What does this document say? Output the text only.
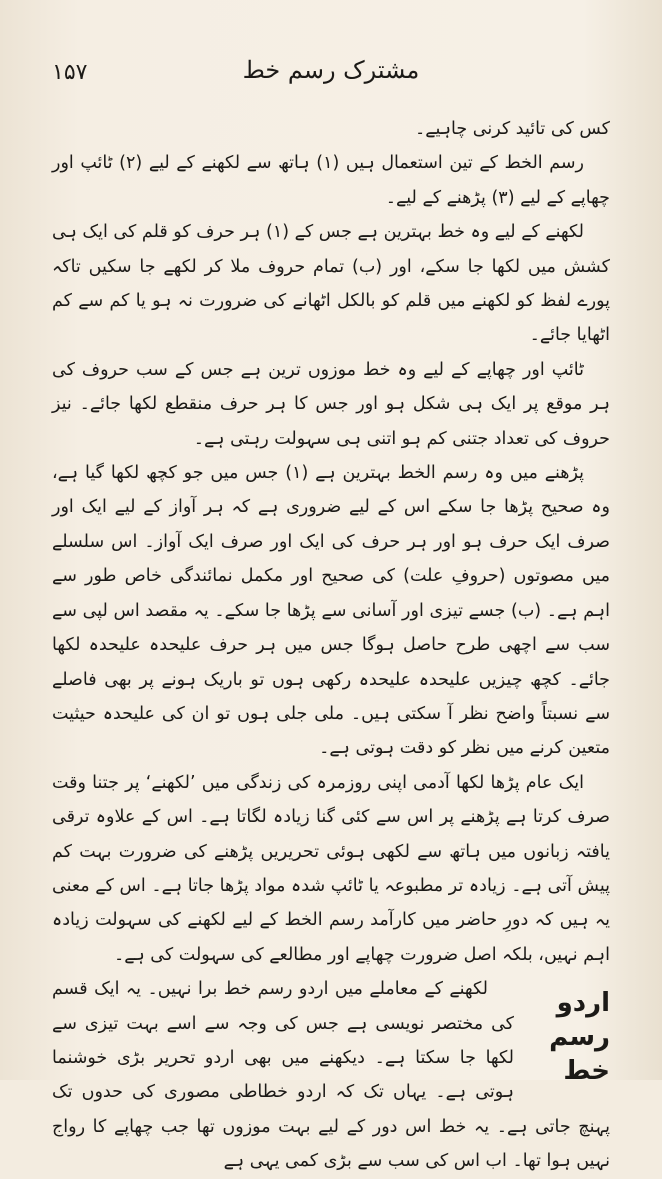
۱۵۷	مشترک رسم خط

کس کی تائید کرنی چاہیے۔

رسم الخط کے تین استعمال ہیں (۱) ہاتھ سے لکھنے کے لیے (۲) ٹائپ اور چھاپے کے لیے (۳) پڑھنے کے لیے۔

لکھنے کے لیے وہ خط بہترین ہے جس کے (۱) ہر حرف کو قلم کی ایک ہی کشش میں لکھا جا سکے، اور (ب) تمام حروف ملا کر لکھے جا سکیں تاکہ پورے لفظ کو لکھنے میں قلم کو بالکل اٹھانے کی ضرورت نہ ہو یا کم سے کم اٹھایا جائے۔

ٹائپ اور چھاپے کے لیے وہ خط موزوں ترین ہے جس کے سب حروف کی ہر موقع پر ایک ہی شکل ہو اور جس کا ہر حرف منقطع لکھا جائے۔ نیز حروف کی تعداد جتنی کم ہو اتنی ہی سہولت رہتی ہے۔

پڑھنے میں وہ رسم الخط بہترین ہے (۱) جس میں جو کچھ لکھا گیا ہے، وہ صحیح پڑھا جا سکے اس کے لیے ضروری ہے کہ ہر آواز کے لیے ایک اور صرف ایک حرف ہو اور ہر حرف کی ایک اور صرف ایک آواز۔ اس سلسلے میں مصوتوں (حروفِ علت) کی صحیح اور مکمل نمائندگی خاص طور سے اہم ہے۔ (ب) جسے تیزی اور آسانی سے پڑھا جا سکے۔ یہ مقصد اس لپی سے سب سے اچھی طرح حاصل ہوگا جس میں ہر حرف علیحدہ علیحدہ لکھا جائے۔ کچھ چیزیں علیحدہ علیحدہ رکھی ہوں تو باریک ہونے پر بھی فاصلے سے نسبتاً واضح نظر آ سکتی ہیں۔ ملی جلی ہوں تو ان کی علیحدہ حیثیت متعین کرنے میں نظر کو دقت ہوتی ہے۔

ایک عام پڑھا لکھا آدمی اپنی روزمرہ کی زندگی میں ’لکھنے‘ پر جتنا وقت صرف کرتا ہے پڑھنے پر اس سے کئی گنا زیادہ لگاتا ہے۔ اس کے علاوہ ترقی یافتہ زبانوں میں ہاتھ سے لکھی ہوئی تحریریں پڑھنے کی ضرورت بہت کم پیش آتی ہے۔ زیادہ تر مطبوعہ یا ٹائپ شدہ مواد پڑھا جاتا ہے۔ اس کے معنی یہ ہیں کہ دورِ حاضر میں کارآمد رسم الخط کے لیے لکھنے کی سہولت زیادہ اہم نہیں، بلکہ اصل ضرورت چھاپے اور مطالعے کی سہولت کی ہے۔

اردو رسم خط

لکھنے کے معاملے میں اردو رسم خط برا نہیں۔ یہ ایک قسم کی مختصر نویسی ہے جس کی وجہ سے اسے بہت تیزی سے لکھا جا سکتا ہے۔ دیکھنے میں بھی اردو تحریر بڑی خوشنما ہوتی ہے۔ یہاں تک کہ اردو خطاطی مصوری کی حدوں تک پہنچ جاتی ہے۔ یہ خط اس دور کے لیے بہت موزوں تھا جب چھاپے کا رواج نہیں ہوا تھا۔ اب اس کی سب سے بڑی کمی یہی ہے
